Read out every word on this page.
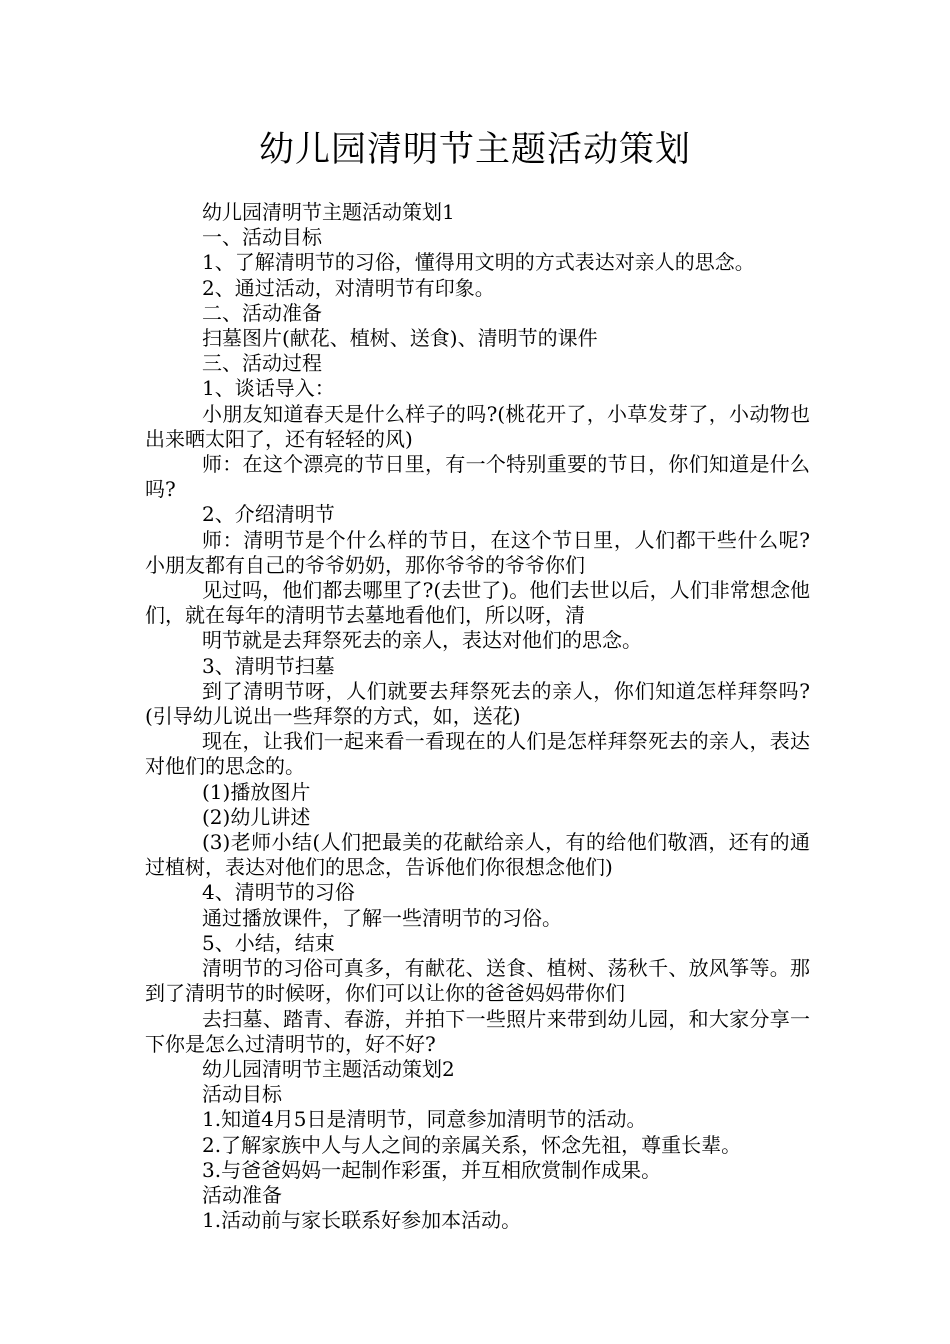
幼儿园清明节主题活动策划

幼儿园清明节主题活动策划1

一、活动目标

1、了解清明节的习俗，懂得用文明的方式表达对亲人的思念。

2、通过活动，对清明节有印象。

二、活动准备

扫墓图片(献花、植树、送食)、清明节的课件

三、活动过程

1、谈话导入：

小朋友知道春天是什么样子的吗?(桃花开了，小草发芽了，小动物也出来晒太阳了，还有轻轻的风)

师：在这个漂亮的节日里，有一个特别重要的节日，你们知道是什么吗?

2、介绍清明节

师：清明节是个什么样的节日，在这个节日里，人们都干些什么呢?小朋友都有自己的爷爷奶奶，那你爷爷的爷爷你们

见过吗，他们都去哪里了?(去世了)。他们去世以后，人们非常想念他们，就在每年的清明节去墓地看他们，所以呀，清

明节就是去拜祭死去的亲人，表达对他们的思念。

3、清明节扫墓

到了清明节呀，人们就要去拜祭死去的亲人，你们知道怎样拜祭吗?(引导幼儿说出一些拜祭的方式，如，送花)

现在，让我们一起来看一看现在的人们是怎样拜祭死去的亲人，表达对他们的思念的。

(1)播放图片

(2)幼儿讲述

(3)老师小结(人们把最美的花献给亲人，有的给他们敬酒，还有的通过植树，表达对他们的思念，告诉他们你很想念他们)

4、清明节的习俗

通过播放课件，了解一些清明节的习俗。

5、小结，结束

清明节的习俗可真多，有献花、送食、植树、荡秋千、放风筝等。那到了清明节的时候呀，你们可以让你的爸爸妈妈带你们

去扫墓、踏青、春游，并拍下一些照片来带到幼儿园，和大家分享一下你是怎么过清明节的，好不好?

幼儿园清明节主题活动策划2

活动目标

1.知道4月5日是清明节，同意参加清明节的活动。

2.了解家族中人与人之间的亲属关系，怀念先祖，尊重长辈。

3.与爸爸妈妈一起制作彩蛋，并互相欣赏制作成果。

活动准备

1.活动前与家长联系好参加本活动。
